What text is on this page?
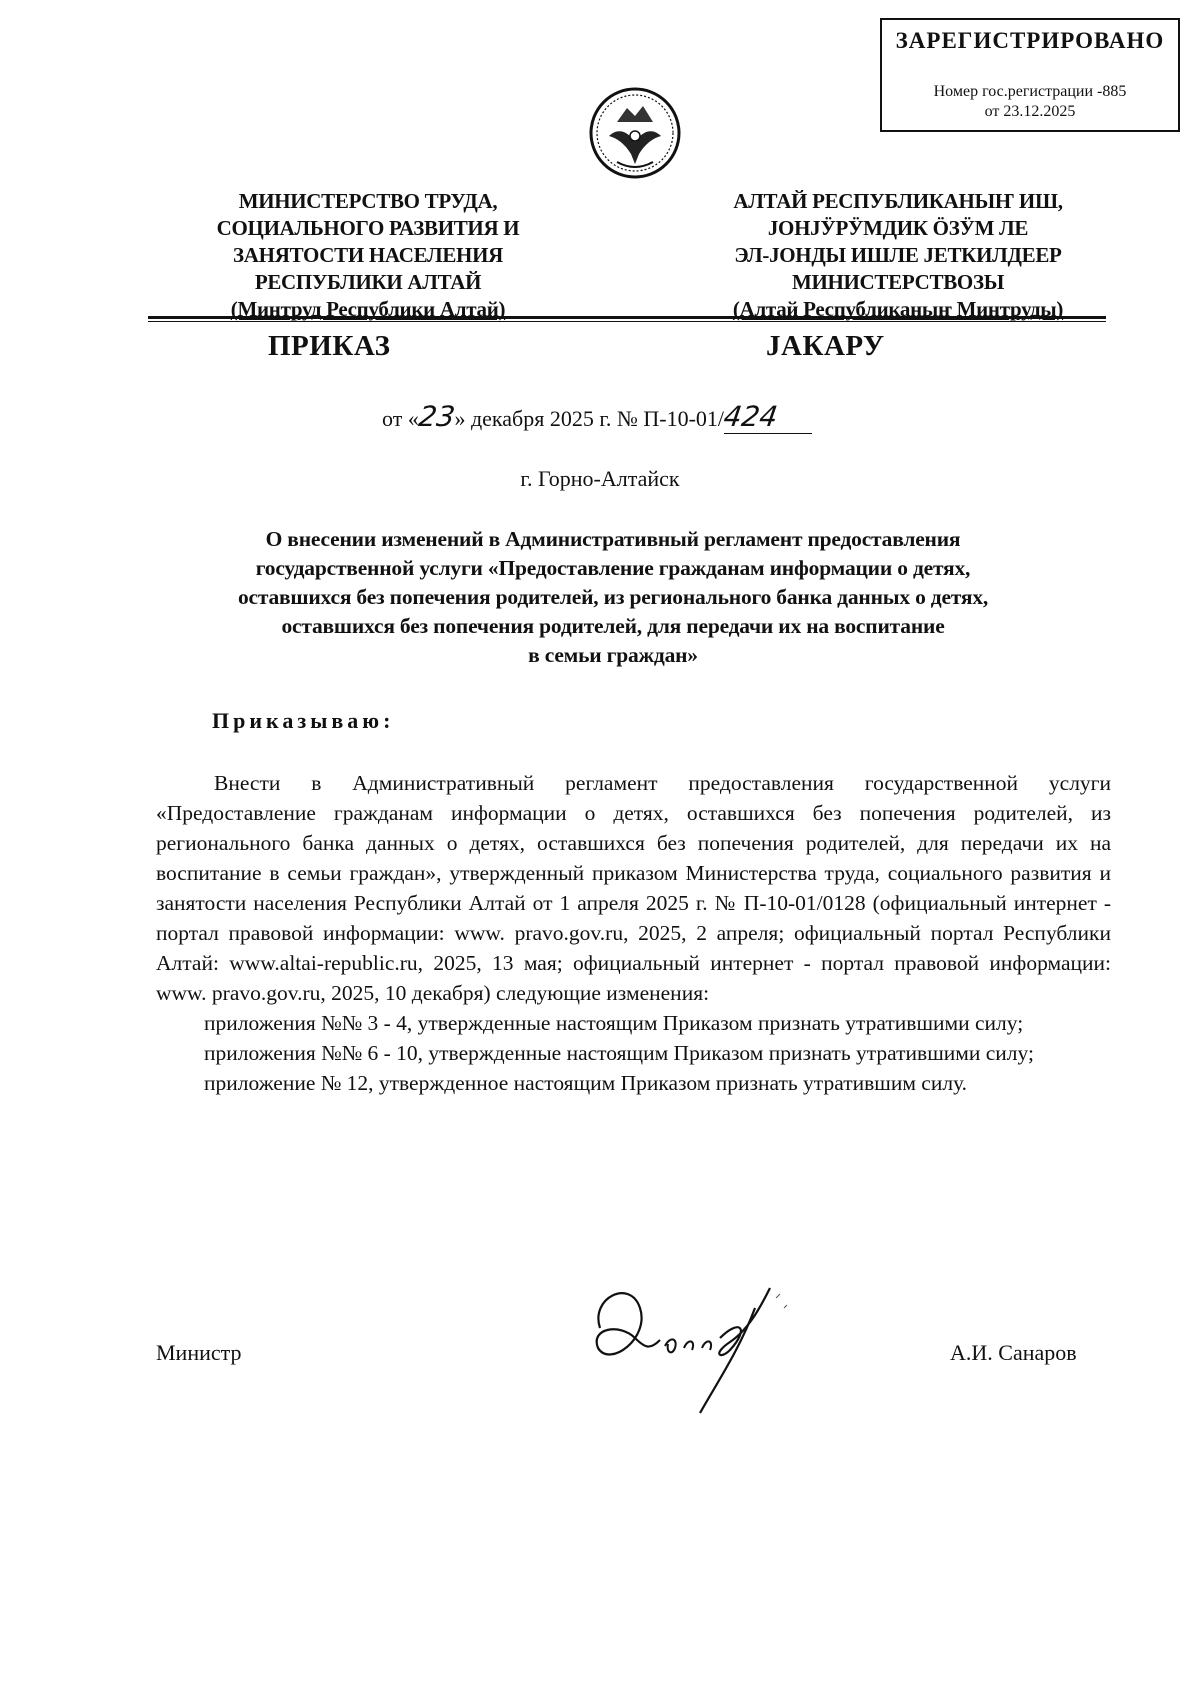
ЗАРЕГИСТРИРОВАНО
Номер гос.регистрации -885
от 23.12.2025
МИНИСТЕРСТВО ТРУДА,
СОЦИАЛЬНОГО РАЗВИТИЯ И
ЗАНЯТОСТИ НАСЕЛЕНИЯ
РЕСПУБЛИКИ АЛТАЙ
(Минтруд Республики Алтай)
АЛТАЙ РЕСПУБЛИКАНЫҤ ИШ,
ЈОНЈӰРӰМДИК ӦЗӰМ ЛЕ
ЭЛ-ЈОНДЫ ИШЛЕ ЈЕТКИЛДЕЕР
МИНИСТЕРСТВОЗЫ
(Алтай Республиканыҥ Минтруды)
ПРИКАЗ	ЈАКАРУ
от «23» декабря 2025 г. № П-10-01/424
г. Горно-Алтайск
О внесении изменений в Административный регламент предоставления
государственной услуги «Предоставление гражданам информации о детях,
оставшихся без попечения родителей, из регионального банка данных о детях,
оставшихся без попечения родителей, для передачи их на воспитание
в семьи граждан»
Приказываю:

Внести в Административный регламент предоставления государственной услуги «Предоставление гражданам информации о детях, оставшихся без попечения родителей, из регионального банка данных о детях, оставшихся без попечения родителей, для передачи их на воспитание в семьи граждан», утвержденный приказом Министерства труда, социального развития и занятости населения Республики Алтай от 1 апреля 2025 г. № П-10-01/0128 (официальный интернет - портал правовой информации: www. pravo.gov.ru, 2025, 2 апреля; официальный портал Республики Алтай: www.altai-republic.ru, 2025, 13 мая; официальный интернет - портал правовой информации: www. pravo.gov.ru, 2025, 10 декабря) следующие изменения:

приложения №№ 3 - 4, утвержденные настоящим Приказом признать утратившими силу;

приложения №№ 6 - 10, утвержденные настоящим Приказом признать утратившими силу;

приложение № 12, утвержденное настоящим Приказом признать утратившим силу.

Министр	А.И. Санаров
